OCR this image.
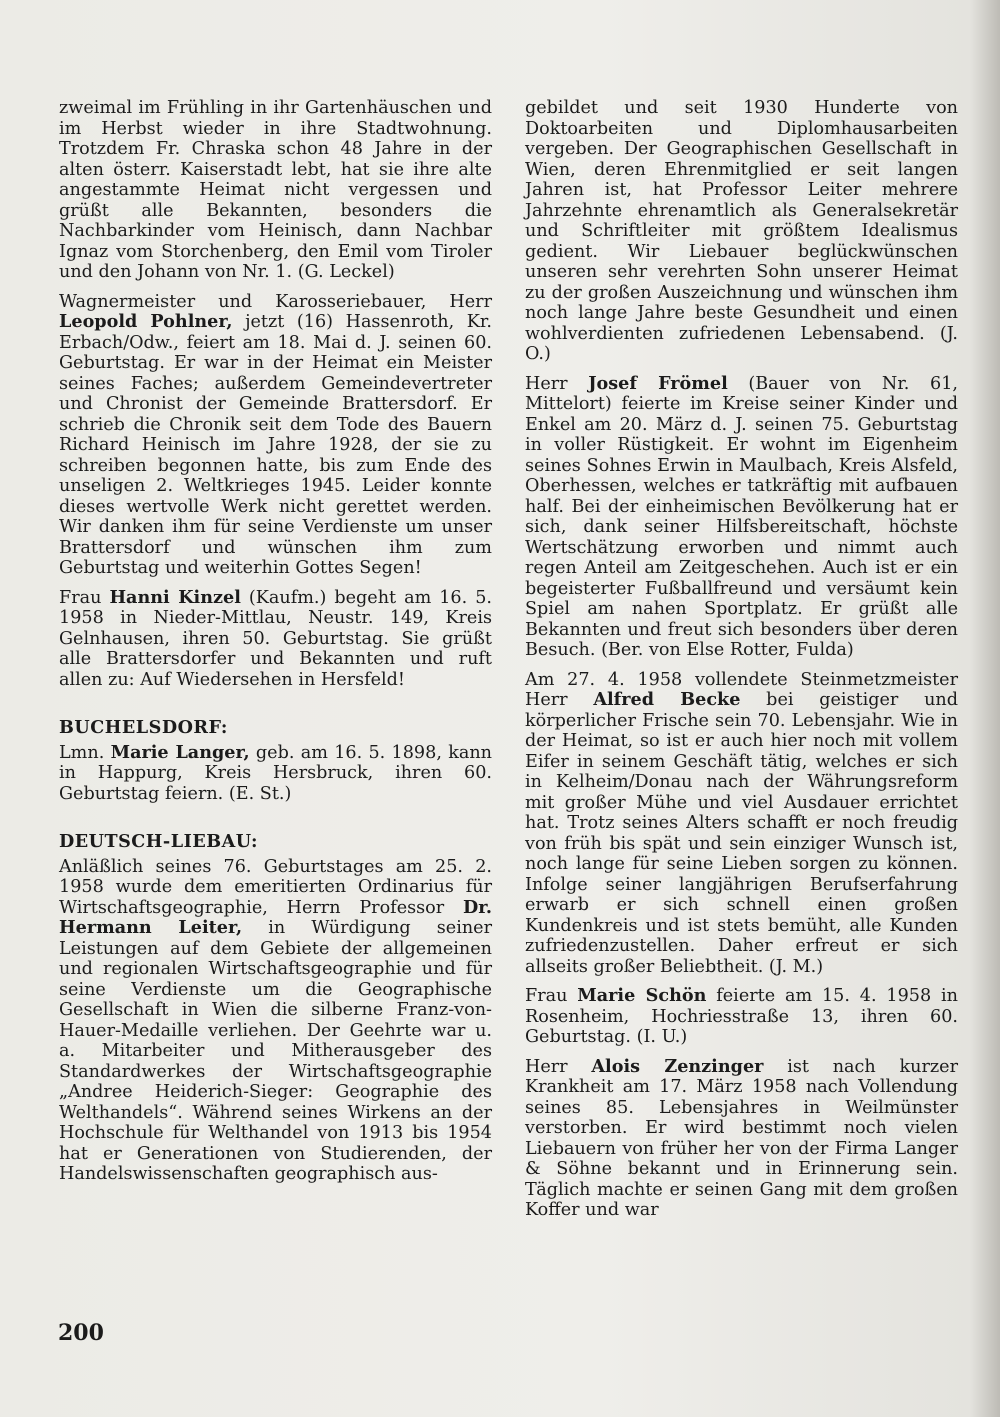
zweimal im Frühling in ihr Gartenhäuschen und im Herbst wieder in ihre Stadtwohnung. Trotzdem Fr. Chraska schon 48 Jahre in der alten österr. Kaiserstadt lebt, hat sie ihre alte angestammte Heimat nicht vergessen und grüßt alle Bekannten, besonders die Nachbarkinder vom Heinisch, dann Nachbar Ignaz vom Storchenberg, den Emil vom Tiroler und den Johann von Nr. 1. (G. Leckel)

Wagnermeister und Karosseriebauer, Herr Leopold Pohlner, jetzt (16) Hassenroth, Kr. Erbach/Odw., feiert am 18. Mai d. J. seinen 60. Geburtstag. Er war in der Heimat ein Meister seines Faches; außerdem Gemeindevertreter und Chronist der Gemeinde Brattersdorf. Er schrieb die Chronik seit dem Tode des Bauern Richard Heinisch im Jahre 1928, der sie zu schreiben begonnen hatte, bis zum Ende des unseligen 2. Weltkrieges 1945. Leider konnte dieses wertvolle Werk nicht gerettet werden. Wir danken ihm für seine Verdienste um unser Brattersdorf und wünschen ihm zum Geburtstag und weiterhin Gottes Segen!

Frau Hanni Kinzel (Kaufm.) begeht am 16. 5. 1958 in Nieder-Mittlau, Neustr. 149, Kreis Gelnhausen, ihren 50. Geburtstag. Sie grüßt alle Brattersdorfer und Bekannten und ruft allen zu: Auf Wiedersehen in Hersfeld!

BUCHELSDORF:

Lmn. Marie Langer, geb. am 16. 5. 1898, kann in Happurg, Kreis Hersbruck, ihren 60. Geburtstag feiern. (E. St.)

DEUTSCH-LIEBAU:

Anläßlich seines 76. Geburtstages am 25. 2. 1958 wurde dem emeritierten Ordinarius für Wirtschaftsgeographie, Herrn Professor Dr. Hermann Leiter, in Würdigung seiner Leistungen auf dem Gebiete der allgemeinen und regionalen Wirtschaftsgeographie und für seine Verdienste um die Geographische Gesellschaft in Wien die silberne Franz-von-Hauer-Medaille verliehen. Der Geehrte war u. a. Mitarbeiter und Mitherausgeber des Standardwerkes der Wirtschaftsgeographie „Andree Heiderich-Sieger: Geographie des Welthandels“. Während seines Wirkens an der Hochschule für Welthandel von 1913 bis 1954 hat er Generationen von Studierenden, der Handelswissenschaften geographisch aus-

gebildet und seit 1930 Hunderte von Doktoarbeiten und Diplomhausarbeiten vergeben. Der Geographischen Gesellschaft in Wien, deren Ehrenmitglied er seit langen Jahren ist, hat Professor Leiter mehrere Jahrzehnte ehrenamtlich als Generalsekretär und Schriftleiter mit größtem Idealismus gedient. Wir Liebauer beglückwünschen unseren sehr verehrten Sohn unserer Heimat zu der großen Auszeichnung und wünschen ihm noch lange Jahre beste Gesundheit und einen wohlverdienten zufriedenen Lebensabend. (J. O.)

Herr Josef Frömel (Bauer von Nr. 61, Mittelort) feierte im Kreise seiner Kinder und Enkel am 20. März d. J. seinen 75. Geburtstag in voller Rüstigkeit. Er wohnt im Eigenheim seines Sohnes Erwin in Maulbach, Kreis Alsfeld, Oberhessen, welches er tatkräftig mit aufbauen half. Bei der einheimischen Bevölkerung hat er sich, dank seiner Hilfsbereitschaft, höchste Wertschätzung erworben und nimmt auch regen Anteil am Zeitgeschehen. Auch ist er ein begeisterter Fußballfreund und versäumt kein Spiel am nahen Sportplatz. Er grüßt alle Bekannten und freut sich besonders über deren Besuch. (Ber. von Else Rotter, Fulda)

Am 27. 4. 1958 vollendete Steinmetzmeister Herr Alfred Becke bei geistiger und körperlicher Frische sein 70. Lebensjahr. Wie in der Heimat, so ist er auch hier noch mit vollem Eifer in seinem Geschäft tätig, welches er sich in Kelheim/Donau nach der Währungsreform mit großer Mühe und viel Ausdauer errichtet hat. Trotz seines Alters schafft er noch freudig von früh bis spät und sein einziger Wunsch ist, noch lange für seine Lieben sorgen zu können. Infolge seiner langjährigen Berufserfahrung erwarb er sich schnell einen großen Kundenkreis und ist stets bemüht, alle Kunden zufriedenzustellen. Daher erfreut er sich allseits großer Beliebtheit. (J. M.)

Frau Marie Schön feierte am 15. 4. 1958 in Rosenheim, Hochriesstraße 13, ihren 60. Geburtstag. (I. U.)

Herr Alois Zenzinger ist nach kurzer Krankheit am 17. März 1958 nach Vollendung seines 85. Lebensjahres in Weilmünster verstorben. Er wird bestimmt noch vielen Liebauern von früher her von der Firma Langer & Söhne bekannt und in Erinnerung sein. Täglich machte er seinen Gang mit dem großen Koffer und war

200
